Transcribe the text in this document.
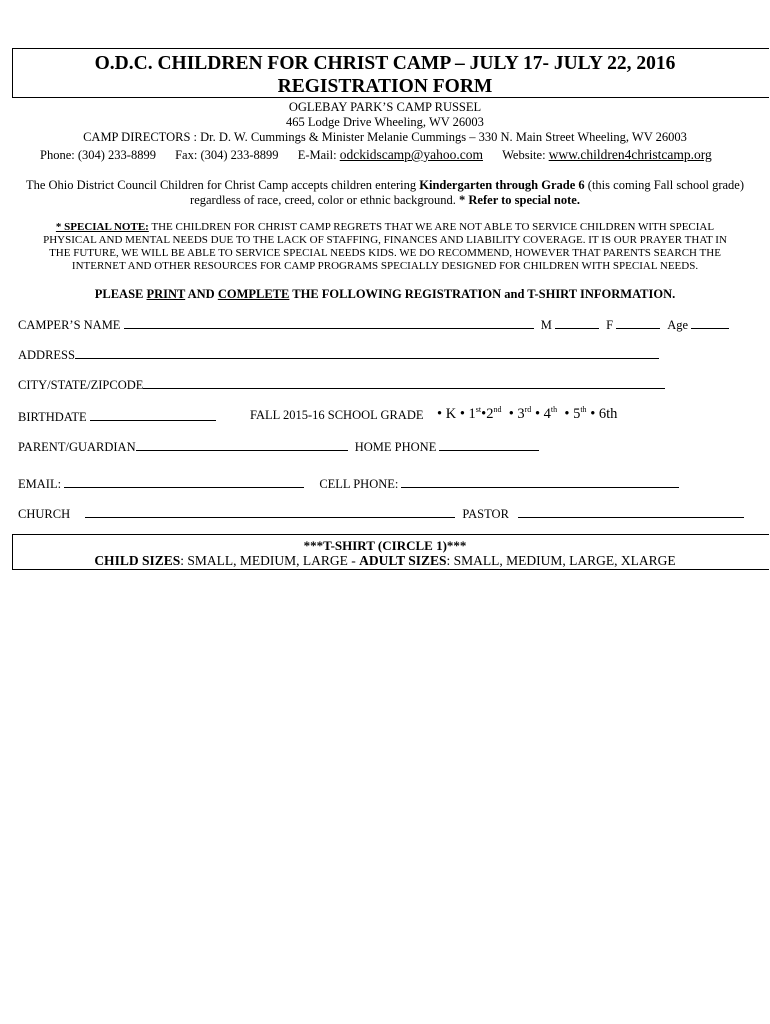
O.D.C. CHILDREN FOR CHRIST CAMP – JULY 17- JULY 22, 2016
REGISTRATION FORM
OGLEBAY PARK’S CAMP RUSSEL
465 Lodge Drive Wheeling, WV 26003
CAMP DIRECTORS : Dr. D. W. Cummings & Minister Melanie Cummings – 330 N. Main Street Wheeling, WV 26003
Phone: (304) 233-8899 Fax: (304) 233-8899 E-Mail: odckidscamp@yahoo.com Website: www.children4christcamp.org
The Ohio District Council Children for Christ Camp accepts children entering Kindergarten through Grade 6 (this coming Fall school grade)
regardless of race, creed, color or ethnic background. * Refer to special note.
* SPECIAL NOTE: THE CHILDREN FOR CHRIST CAMP REGRETS THAT WE ARE NOT ABLE TO SERVICE CHILDREN WITH SPECIAL
PHYSICAL AND MENTAL NEEDS DUE TO THE LACK OF STAFFING, FINANCES AND LIABILITY COVERAGE. IT IS OUR PRAYER THAT IN
THE FUTURE, WE WILL BE ABLE TO SERVICE SPECIAL NEEDS KIDS. WE DO RECOMMEND, HOWEVER THAT PARENTS SEARCH THE
INTERNET AND OTHER RESOURCES FOR CAMP PROGRAMS SPECIALLY DESIGNED FOR CHILDREN WITH SPECIAL NEEDS.
PLEASE PRINT AND COMPLETE THE FOLLOWING REGISTRATION and T-SHIRT INFORMATION.
CAMPER’S NAME	M	F	Age
ADDRESS
CITY/STATE/ZIPCODE
BIRTHDATE	FALL 2015-16 SCHOOL GRADE • K • 1st•2nd  • 3rd • 4th  • 5th • 6th
PARENT/GUARDIAN	HOME PHONE
EMAIL:	CELL PHONE:
CHURCH	PASTOR
***T-SHIRT (CIRCLE 1)***
CHILD SIZES: SMALL, MEDIUM, LARGE - ADULT SIZES: SMALL, MEDIUM, LARGE, XLARGE
